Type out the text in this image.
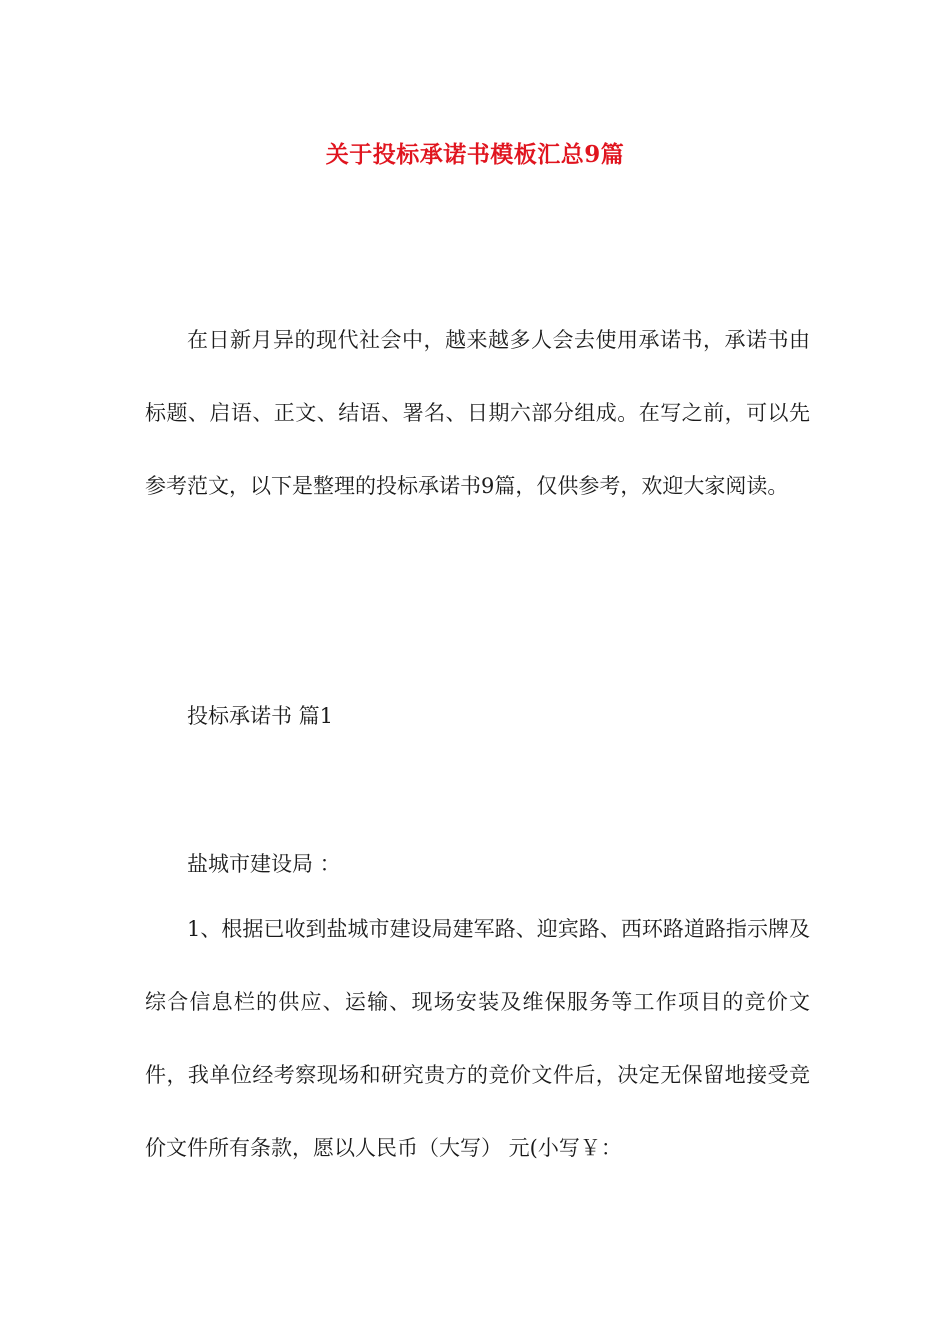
关于投标承诺书模板汇总9篇

在日新月异的现代社会中，越来越多人会去使用承诺书，承诺书由标题、启语、正文、结语、署名、日期六部分组成。在写之前，可以先参考范文，以下是整理的投标承诺书9篇，仅供参考，欢迎大家阅读。

投标承诺书 篇1

盐城市建设局 ：

1、根据已收到盐城市建设局建军路、迎宾路、西环路道路指示牌及综合信息栏的供应、运输、现场安装及维保服务等工作项目的竞价文件，我单位经考察现场和研究贵方的竞价文件后，决定无保留地接受竞价文件所有条款，愿以人民币（大写） 元(小写￥：
